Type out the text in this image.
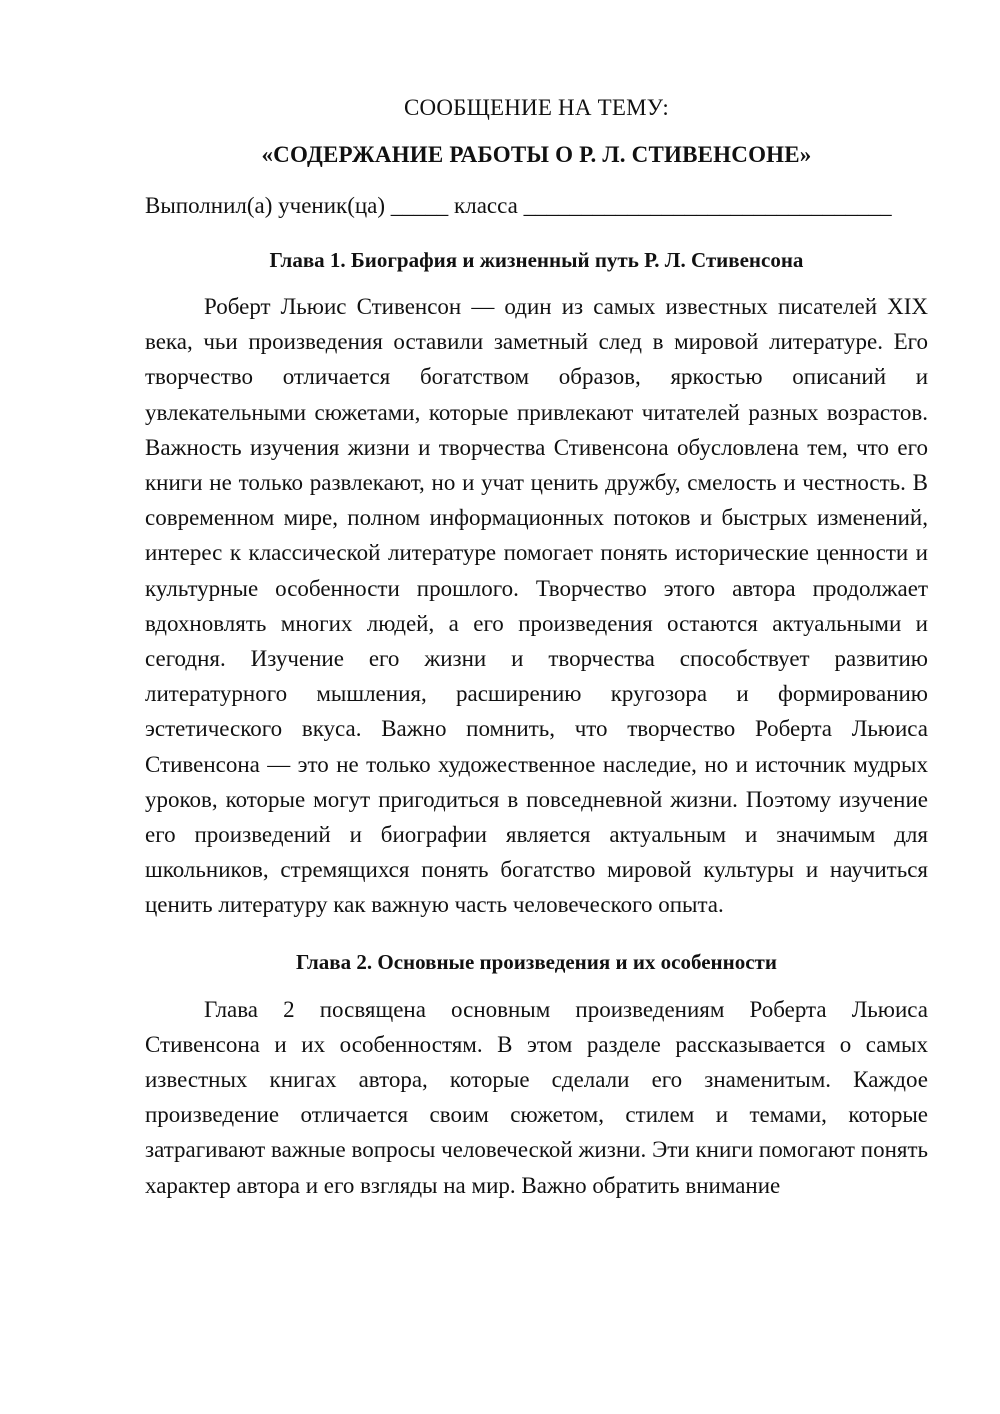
СООБЩЕНИЕ НА ТЕМУ:

«СОДЕРЖАНИЕ РАБОТЫ О Р. Л. СТИВЕНСОНЕ»

Выполнил(а) ученик(ца) _____ класса ________________________________

Глава 1. Биография и жизненный путь Р. Л. Стивенсона

Роберт Льюис Стивенсон — один из самых известных писателей XIX века, чьи произведения оставили заметный след в мировой литературе. Его творчество отличается богатством образов, яркостью описаний и увлекательными сюжетами, которые привлекают читателей разных возрастов. Важность изучения жизни и творчества Стивенсона обусловлена тем, что его книги не только развлекают, но и учат ценить дружбу, смелость и честность. В современном мире, полном информационных потоков и быстрых изменений, интерес к классической литературе помогает понять исторические ценности и культурные особенности прошлого. Творчество этого автора продолжает вдохновлять многих людей, а его произведения остаются актуальными и сегодня. Изучение его жизни и творчества способствует развитию литературного мышления, расширению кругозора и формированию эстетического вкуса. Важно помнить, что творчество Роберта Льюиса Стивенсона — это не только художественное наследие, но и источник мудрых уроков, которые могут пригодиться в повседневной жизни. Поэтому изучение его произведений и биографии является актуальным и значимым для школьников, стремящихся понять богатство мировой культуры и научиться ценить литературу как важную часть человеческого опыта.

Глава 2. Основные произведения и их особенности

Глава 2 посвящена основным произведениям Роберта Льюиса Стивенсона и их особенностям. В этом разделе рассказывается о самых известных книгах автора, которые сделали его знаменитым. Каждое произведение отличается своим сюжетом, стилем и темами, которые затрагивают важные вопросы человеческой жизни. Эти книги помогают понять характер автора и его взгляды на мир. Важно обратить внимание
